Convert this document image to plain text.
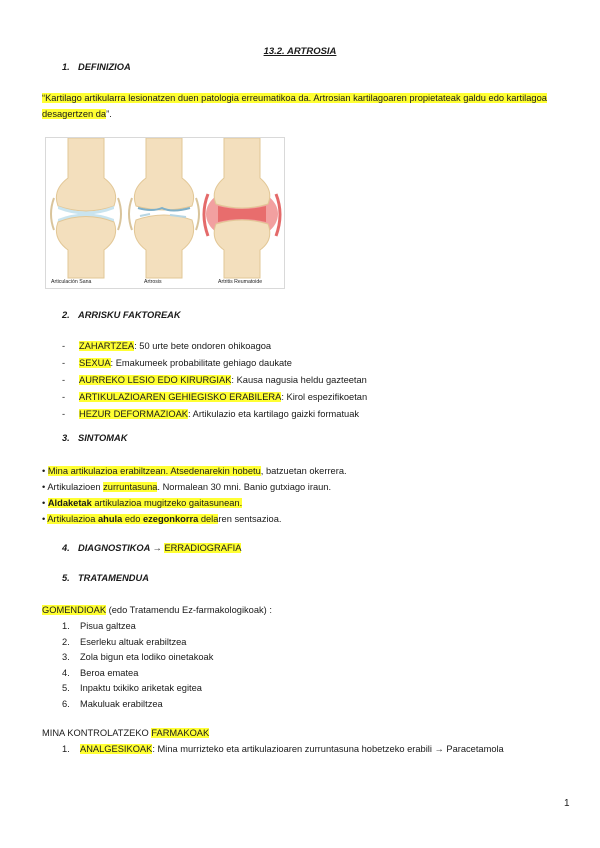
13.2. ARTROSIA
1. DEFINIZIOA
“Kartilago artikularra lesionatzen duen patologia erreumatikoa da. Artrosian kartilagoaren propietateak galdu edo kartilagoa desagertzen da”.
Articulación Sana	Artrosis	Artritis Reumatoide
2. ARRISKU FAKTOREAK
- ZAHARTZEA: 50 urte bete ondoren ohikoagoa
- SEXUA: Emakumeek probabilitate gehiago daukate
- AURREKO LESIO EDO KIRURGIAK: Kausa nagusia heldu gazteetan
- ARTIKULAZIOAREN GEHIEGISKO ERABILERA: Kirol espezifikoetan
- HEZUR DEFORMAZIOAK: Artikulazio eta kartilago gaizki formatuak
3. SINTOMAK
• Mina artikulazioa erabiltzean. Atsedenarekin hobetu, batzuetan okerrera.
• Artikulazioen zurruntasuna. Normalean 30 mni. Banio gutxiago iraun.
• Aldaketak artikulazioa mugitzeko gaitasunean.
• Artikulazioa ahula edo ezegonkorra delaren sentsazioa.
4. DIAGNOSTIKOA → ERRADIOGRAFIA
5. TRATAMENDUA
GOMENDIOAK (edo Tratamendu Ez-farmakologikoak) :
1. Pisua galtzea
2. Eserleku altuak erabiltzea
3. Zola bigun eta lodiko oinetakoak
4. Beroa ematea
5. Inpaktu txikiko ariketak egitea
6. Makuluak erabiltzea
MINA KONTROLATZEKO FARMAKOAK
1. ANALGESIKOAK: Mina murrizteko eta artikulazioaren zurruntasuna hobetzeko erabili → Paracetamola
1
